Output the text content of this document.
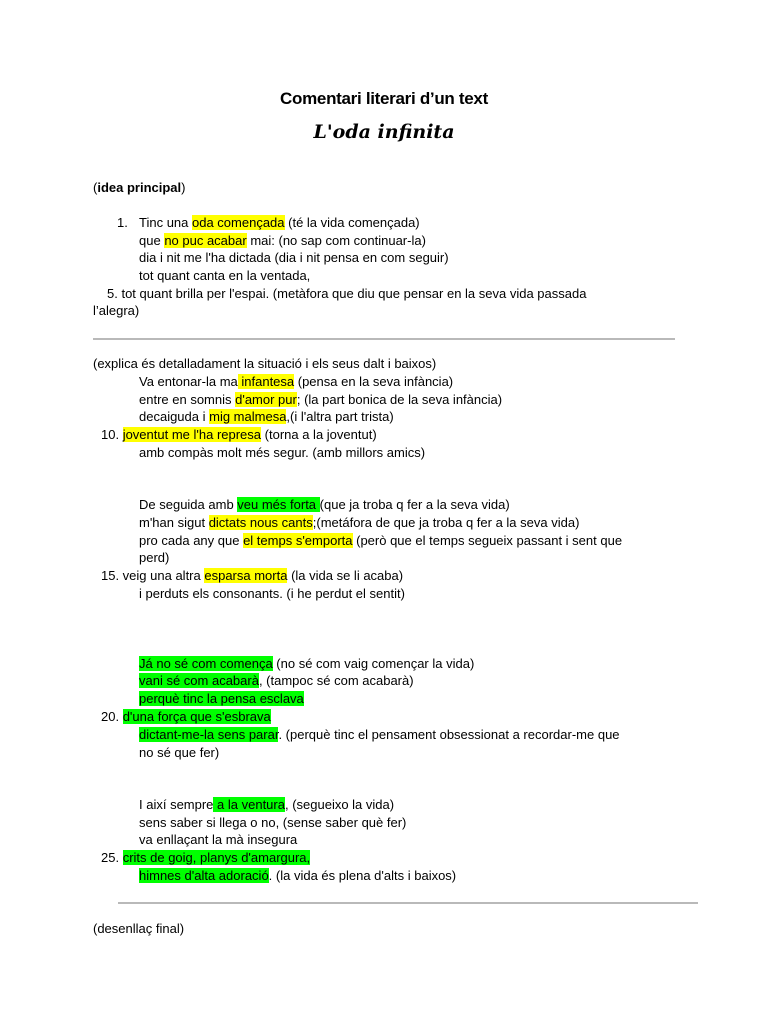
Comentari literari d’un text
L'oda infinita
(idea principal)
1. Tinc una oda començada (té la vida començada)
que no puc acabar mai: (no sap com continuar-la)
dia i nit me l'ha dictada (dia i nit pensa en com seguir)
tot quant canta en la ventada,
5. tot quant brilla per l'espai. (metàfora que diu que pensar en la seva vida passada
l’alegra)
(explica és detalladament la situació i els seus dalt i baixos)
Va entonar-la ma infantesa (pensa en la seva infància)
entre en somnis d'amor pur; (la part bonica de la seva infància)
decaiguda i mig malmesa,(i l'altra part trista)
10. joventut me l'ha represa (torna a la joventut)
amb compàs molt més segur. (amb millors amics)
De seguida amb veu més forta (que ja troba q fer a la seva vida)
m'han sigut dictats nous cants;(metáfora de que ja troba q fer a la seva vida)
pro cada any que el temps s'emporta (però que el temps segueix passant i sent que
perd)
15. veig una altra esparsa morta (la vida se li acaba)
i perduts els consonants. (i he perdut el sentit)
Já no sé com comença (no sé com vaig començar la vida)
vani sé com acabarà, (tampoc sé com acabarà)
perquè tinc la pensa esclava
20. d'una força que s'esbrava
dictant-me-la sens parar. (perquè tinc el pensament obsessionat a recordar-me que
no sé que fer)
I així sempre a la ventura, (segueixo la vida)
sens saber si llega o no, (sense saber què fer)
va enllaçant la mà insegura
25. crits de goig, planys d'amargura,
himnes d'alta adoració. (la vida és plena d'alts i baixos)
(desenllaç final)
